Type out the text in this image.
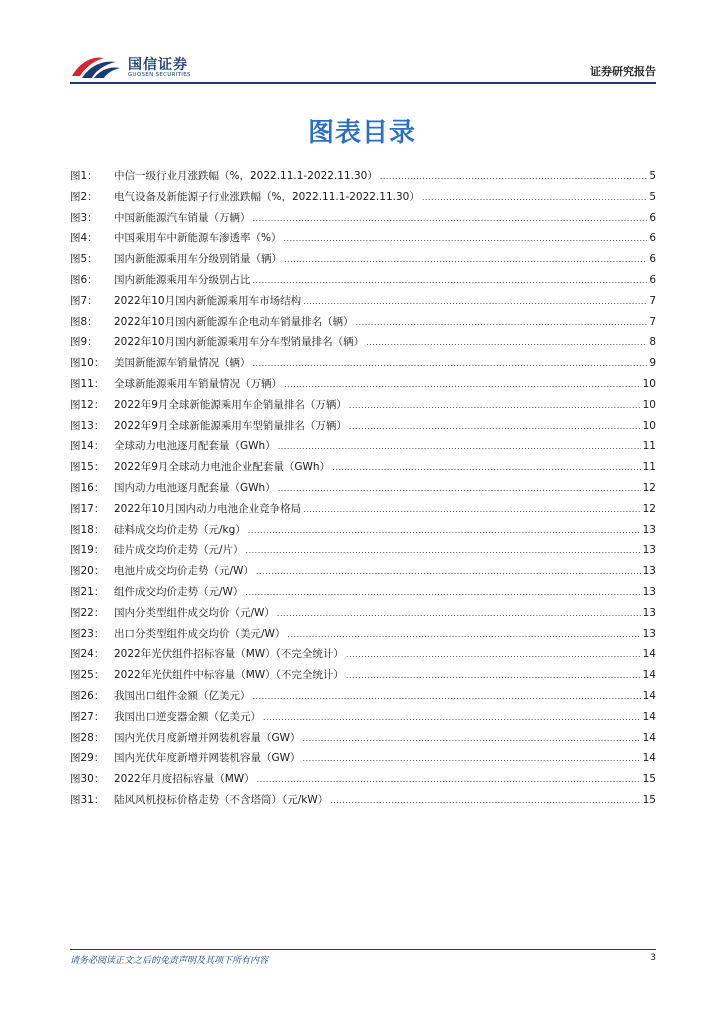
国信证券
GUOSEN SECURITIES	证券研究报告
图表目录
图1：	中信一级行业月涨跌幅（%，2022.11.1-2022.11.30） .....	5
图2：	电气设备及新能源子行业涨跌幅（%，2022.11.1-2022.11.30） .....	5
图3：	中国新能源汽车销量（万辆） .....	6
图4：	中国乘用车中新能源车渗透率（%） .....	6
图5：	国内新能源乘用车分级别销量（辆） .....	6
图6：	国内新能源乘用车分级别占比 .....	6
图7：	2022年10月国内新能源乘用车市场结构 .....	7
图8：	2022年10月国内新能源车企电动车销量排名（辆） .....	7
图9：	2022年10月国内新能源乘用车分车型销量排名（辆） .....	8
图10： 美国新能源车销量情况（辆） .....	9
图11： 全球新能源乘用车销量情况（万辆） .....	10
图12： 2022年9月全球新能源乘用车企销量排名（万辆） .....	10
图13： 2022年9月全球新能源乘用车型销量排名（万辆） .....	10
图14： 全球动力电池逐月配套量（GWh） .....	11
图15： 2022年9月全球动力电池企业配套量（GWh） .....	11
图16： 国内动力电池逐月配套量（GWh） .....	12
图17： 2022年10月国内动力电池企业竞争格局 .....	12
图18： 硅料成交均价走势（元/kg） .....	13
图19： 硅片成交均价走势（元/片） .....	13
图20： 电池片成交均价走势（元/W） .....	13
图21： 组件成交均价走势（元/W） .....	13
图22： 国内分类型组件成交均价（元/W） .....	13
图23： 出口分类型组件成交均价（美元/W） .....	13
图24： 2022年光伏组件招标容量（MW）（不完全统计） .....	14
图25： 2022年光伏组件中标容量（MW）（不完全统计） .....	14
图26： 我国出口组件金额（亿美元） .....	14
图27： 我国出口逆变器金额（亿美元） .....	14
图28： 国内光伏月度新增并网装机容量（GW） .....	14
图29： 国内光伏年度新增并网装机容量（GW） .....	14
图30： 2022年月度招标容量（MW） .....	15
图31： 陆风风机投标价格走势（不含塔筒）（元/kW） .....	15
请务必阅读正文之后的免责声明及其项下所有内容	3
